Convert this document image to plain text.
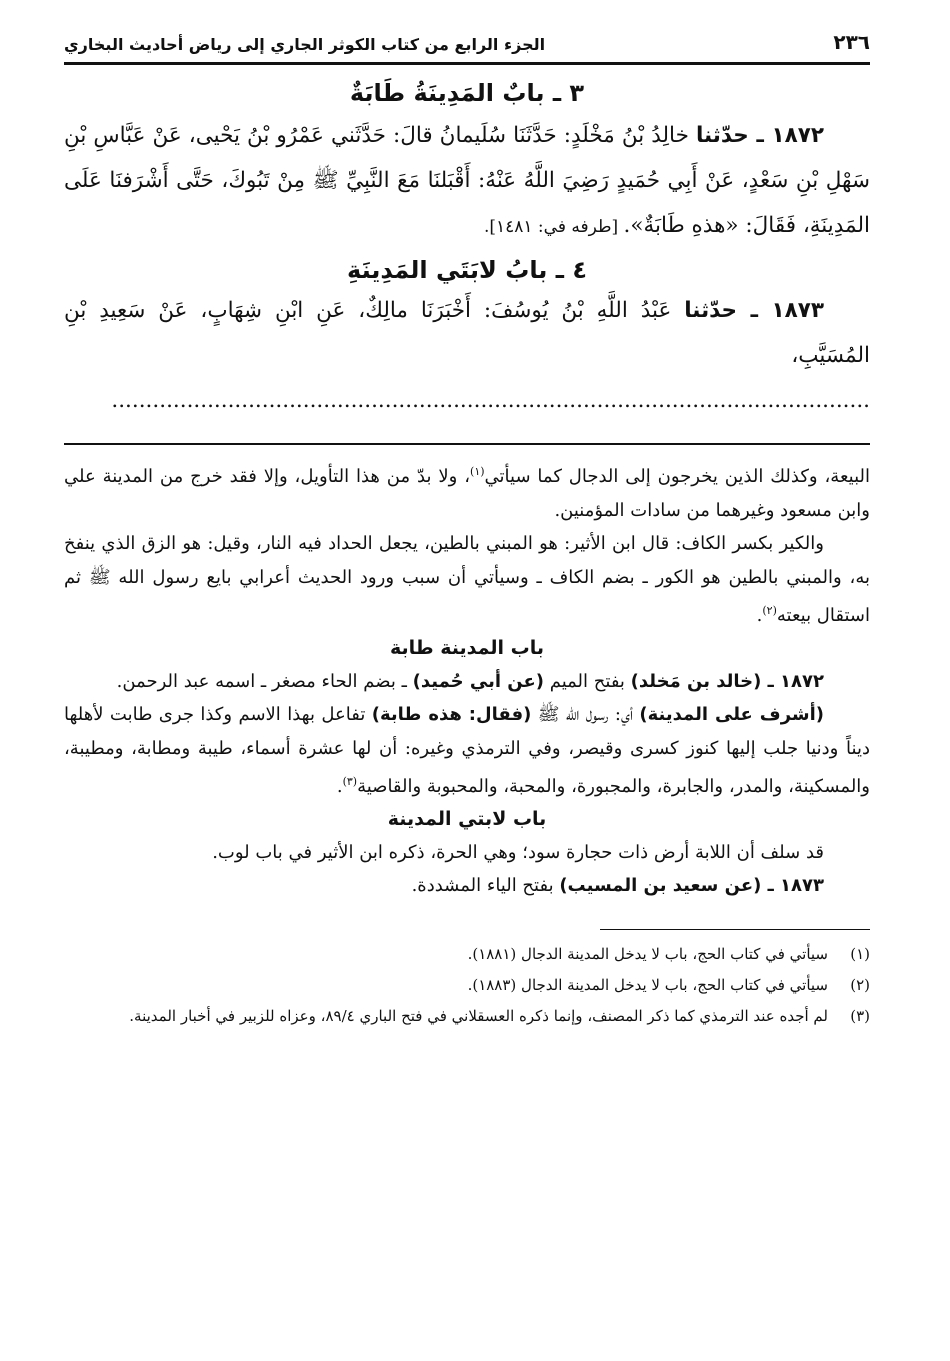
٢٣٦
الجزء الرابع من كتاب الكوثر الجاري إلى رياض أحاديث البخاري
٣ ـ بابٌ المَدِينَةُ طَابَةٌ

١٨٧٢ ـ حدّثنا خالِدُ بْنُ مَخْلَدٍ: حَدَّثَنَا سُلَيمانُ قالَ: حَدَّثَني عَمْرُو بْنُ يَحْيى، عَنْ عَبَّاسِ بْنِ سَهْلِ بْنِ سَعْدٍ، عَنْ أَبِي حُمَيدٍ رَضِيَ اللَّهُ عَنْهُ: أَقْبَلنَا مَعَ النَّبِيِّ ﷺ مِنْ تَبُوكَ، حَتَّى أَشْرَفنَا عَلَى المَدِينَةِ، فَقَالَ: «هذهِ طَابَةٌ». [طرفه في: ١٤٨١].

٤ ـ بابُ لابَتَي المَدِينَةِ

١٨٧٣ ـ حدّثنا عَبْدُ اللَّهِ بْنُ يُوسُفَ: أَخْبَرَنَا مالِكٌ، عَنِ ابْنِ شِهَابٍ، عَنْ سَعِيدِ بْنِ المُسَيَّبِ، ...............................................................................................................

البيعة، وكذلك الذين يخرجون إلى الدجال كما سيأتي$^{(١)}$، ولا بدّ من هذا التأويل، وإلا فقد خرج من المدينة علي وابن مسعود وغيرهما من سادات المؤمنين.

والكير بكسر الكاف: قال ابن الأثير: هو المبني بالطين، يجعل الحداد فيه النار، وقيل: هو الزق الذي ينفخ به، والمبني بالطين هو الكور ـ بضم الكاف ـ وسيأتي أن سبب ورود الحديث أعرابي بايع رسول الله ﷺ ثم استقال بيعته$^{(٢)}$.

باب المدينة طابة

١٨٧٢ ـ (خالد بن مَخلد) بفتح الميم (عن أبي حُميد) ـ بضم الحاء مصغر ـ اسمه عبد الرحمن.

(أشرف على المدينة) أي: رسول الله ﷺ (فقال: هذه طابة) تفاعل بهذا الاسم وكذا جرى طابت لأهلها ديناً ودنيا جلب إليها كنوز كسرى وقيصر، وفي الترمذي وغيره: أن لها عشرة أسماء، طيبة ومطابة، ومطيبة، والمسكينة، والمدر، والجابرة، والمجبورة، والمحبة، والمحبوبة والقاصية$^{(٣)}$.

باب لابتي المدينة

قد سلف أن اللابة أرض ذات حجارة سود؛ وهي الحرة، ذكره ابن الأثير في باب لوب.

١٨٧٣ ـ (عن سعيد بن المسيب) بفتح الياء المشددة.

(١)
سيأتي في كتاب الحج، باب لا يدخل المدينة الدجال (١٨٨١).
(٢)
سيأتي في كتاب الحج، باب لا يدخل المدينة الدجال (١٨٨٣).
(٣)
لم أجده عند الترمذي كما ذكر المصنف، وإنما ذكره العسقلاني في فتح الباري ٨٩/٤، وعزاه للزبير في أخبار المدينة.
